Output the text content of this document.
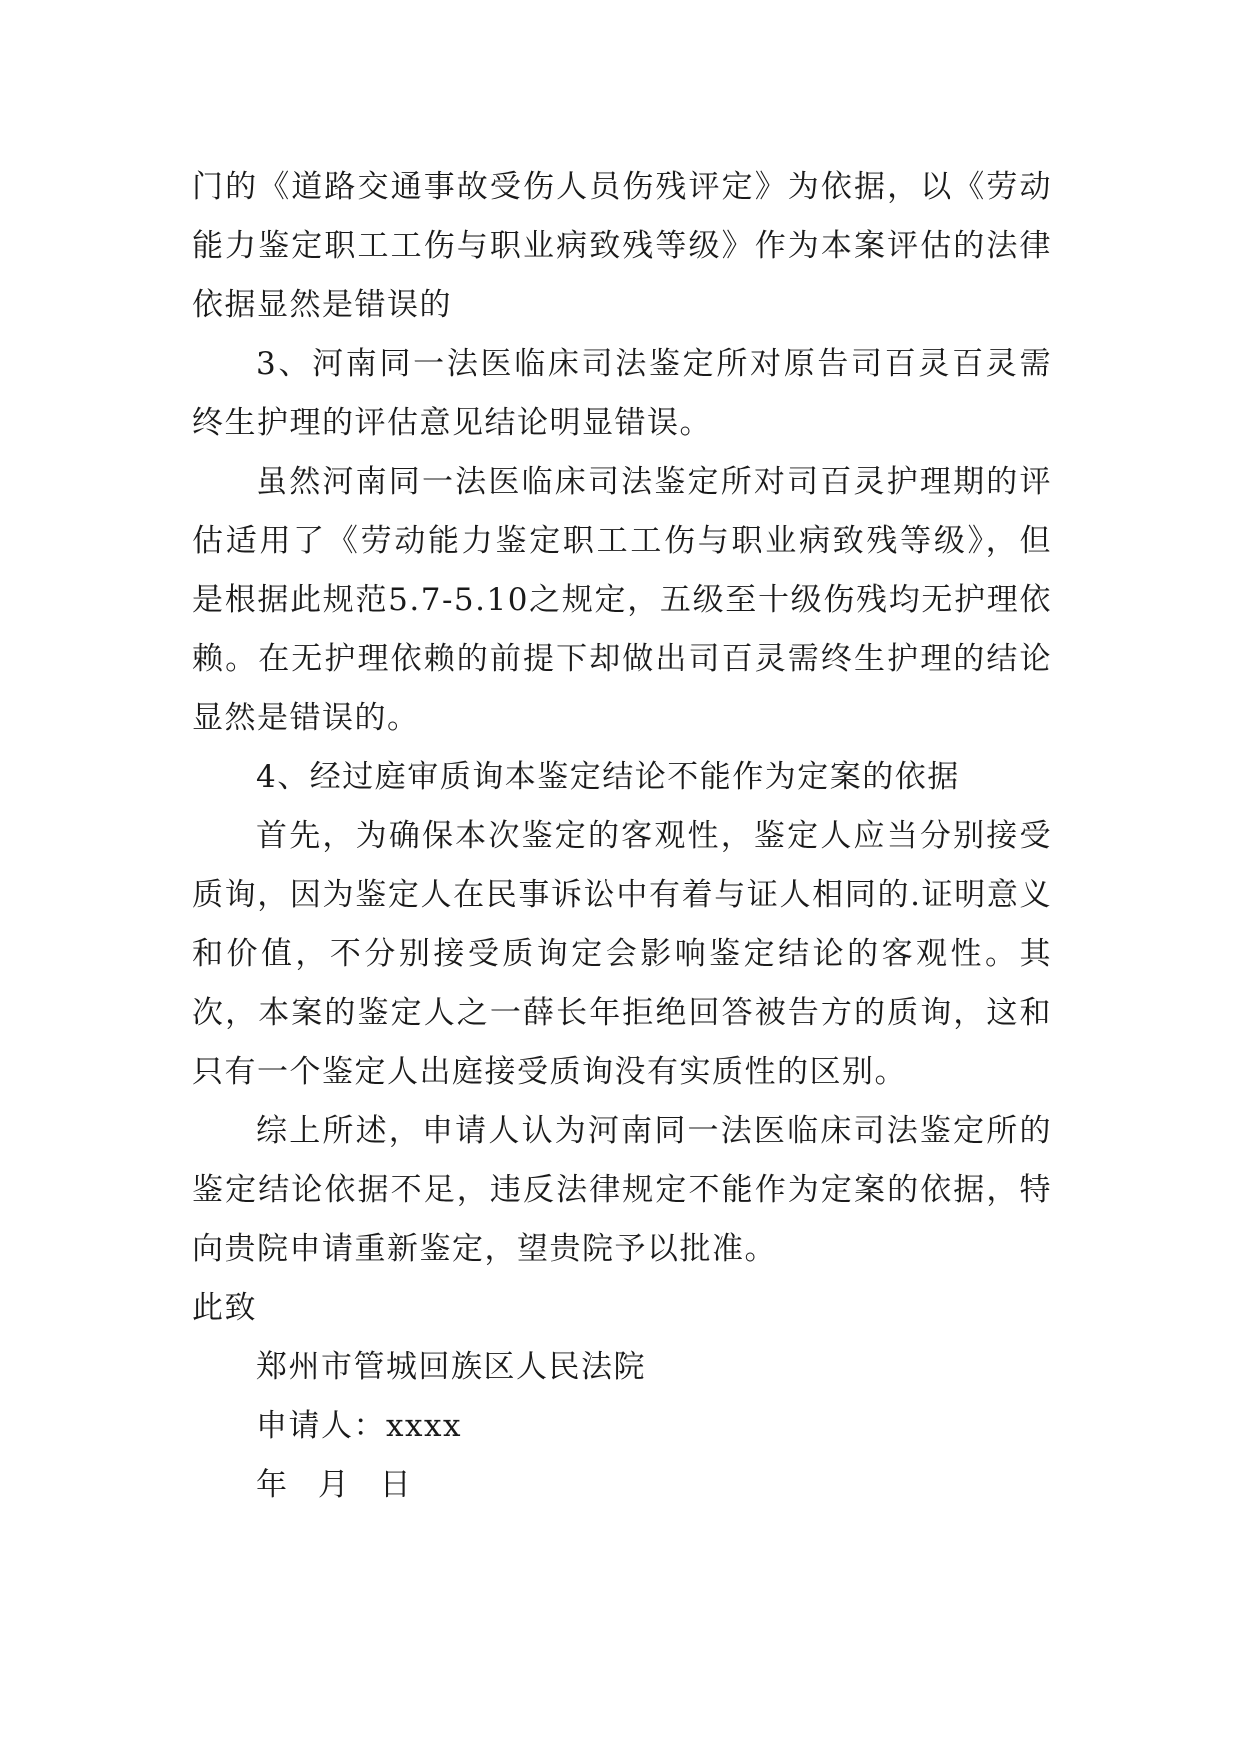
门的《道路交通事故受伤人员伤残评定》为依据，以《劳动能力鉴定职工工伤与职业病致残等级》作为本案评估的法律依据显然是错误的

3、河南同一法医临床司法鉴定所对原告司百灵百灵需终生护理的评估意见结论明显错误。

虽然河南同一法医临床司法鉴定所对司百灵护理期的评估适用了《劳动能力鉴定职工工伤与职业病致残等级》，但是根据此规范5.7-5.10之规定，五级至十级伤残均无护理依赖。在无护理依赖的前提下却做出司百灵需终生护理的结论显然是错误的。

4、经过庭审质询本鉴定结论不能作为定案的依据

首先，为确保本次鉴定的客观性，鉴定人应当分别接受质询，因为鉴定人在民事诉讼中有着与证人相同的.证明意义和价值，不分别接受质询定会影响鉴定结论的客观性。其次，本案的鉴定人之一薛长年拒绝回答被告方的质询，这和只有一个鉴定人出庭接受质询没有实质性的区别。

综上所述，申请人认为河南同一法医临床司法鉴定所的鉴定结论依据不足，违反法律规定不能作为定案的依据，特向贵院申请重新鉴定，望贵院予以批准。

此致

郑州市管城回族区人民法院

申请人：xxxx

年 月 日
